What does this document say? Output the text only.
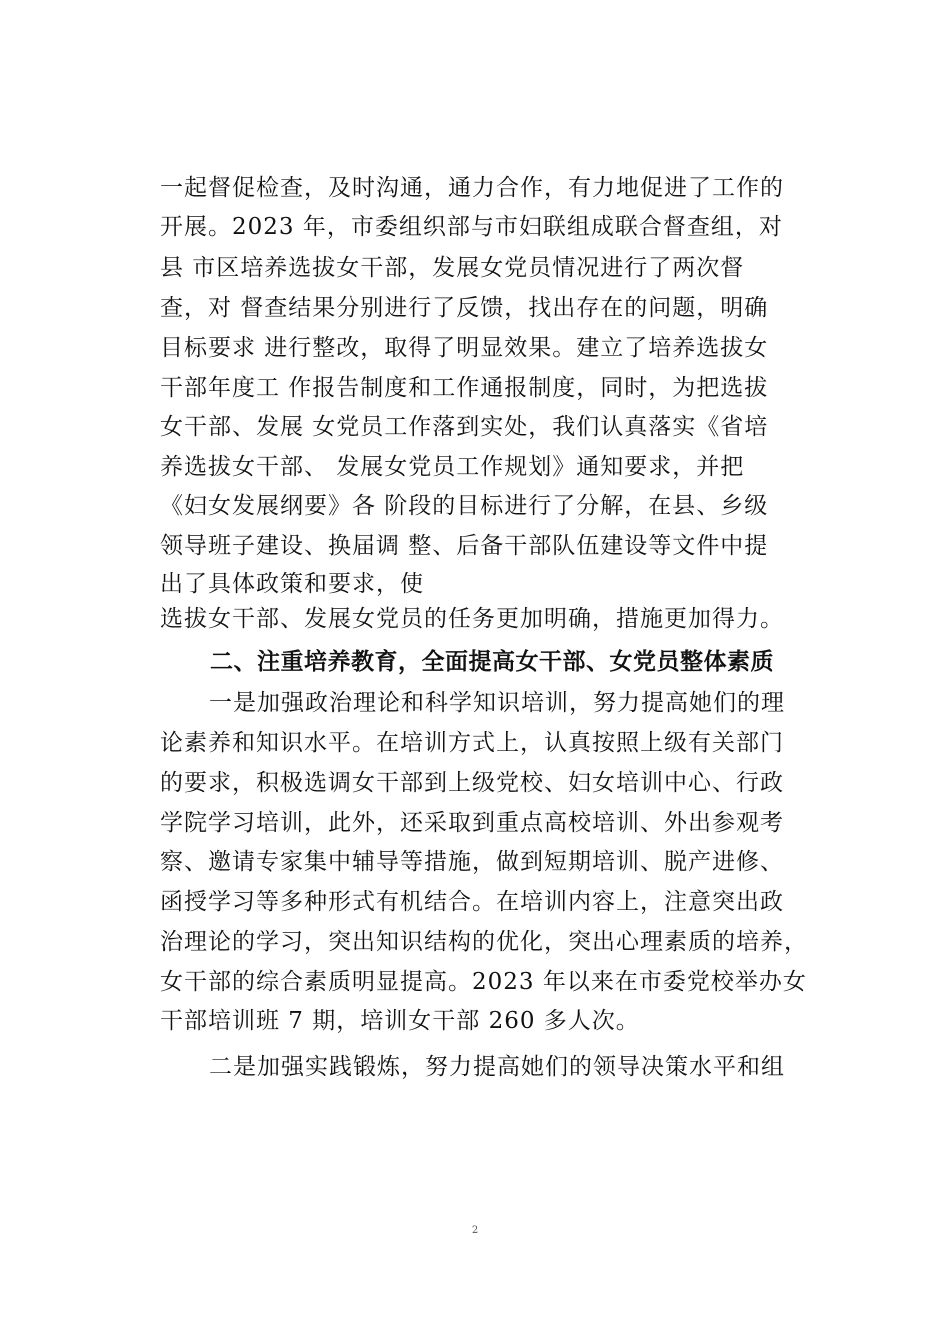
一起督促检查，及时沟通，通力合作，有力地促进了工作的
开展。2023 年，市委组织部与市妇联组成联合督查组，对
县 市区培养选拔女干部，发展女党员情况进行了两次督
查，对 督查结果分别进行了反馈，找出存在的问题，明确
目标要求 进行整改，取得了明显效果。建立了培养选拔女
干部年度工 作报告制度和工作通报制度，同时，为把选拔
女干部、发展 女党员工作落到实处，我们认真落实《省培
养选拔女干部、 发展女党员工作规划》通知要求，并把
《妇女发展纲要》各 阶段的目标进行了分解，在县、乡级
领导班子建设、换届调 整、后备干部队伍建设等文件中提
出了具体政策和要求，使
选拔女干部、发展女党员的任务更加明确，措施更加得力。
二、注重培养教育，全面提高女干部、女党员整体素质
一是加强政治理论和科学知识培训，努力提高她们的理
论素养和知识水平。在培训方式上，认真按照上级有关部门
的要求，积极选调女干部到上级党校、妇女培训中心、行政
学院学习培训，此外，还采取到重点高校培训、外出参观考
察、邀请专家集中辅导等措施，做到短期培训、脱产进修、
函授学习等多种形式有机结合。在培训内容上，注意突出政
治理论的学习，突出知识结构的优化，突出心理素质的培养，
女干部的综合素质明显提高。2023 年以来在市委党校举办女
干部培训班 7 期，培训女干部 260 多人次。
二是加强实践锻炼，努力提高她们的领导决策水平和组
2
